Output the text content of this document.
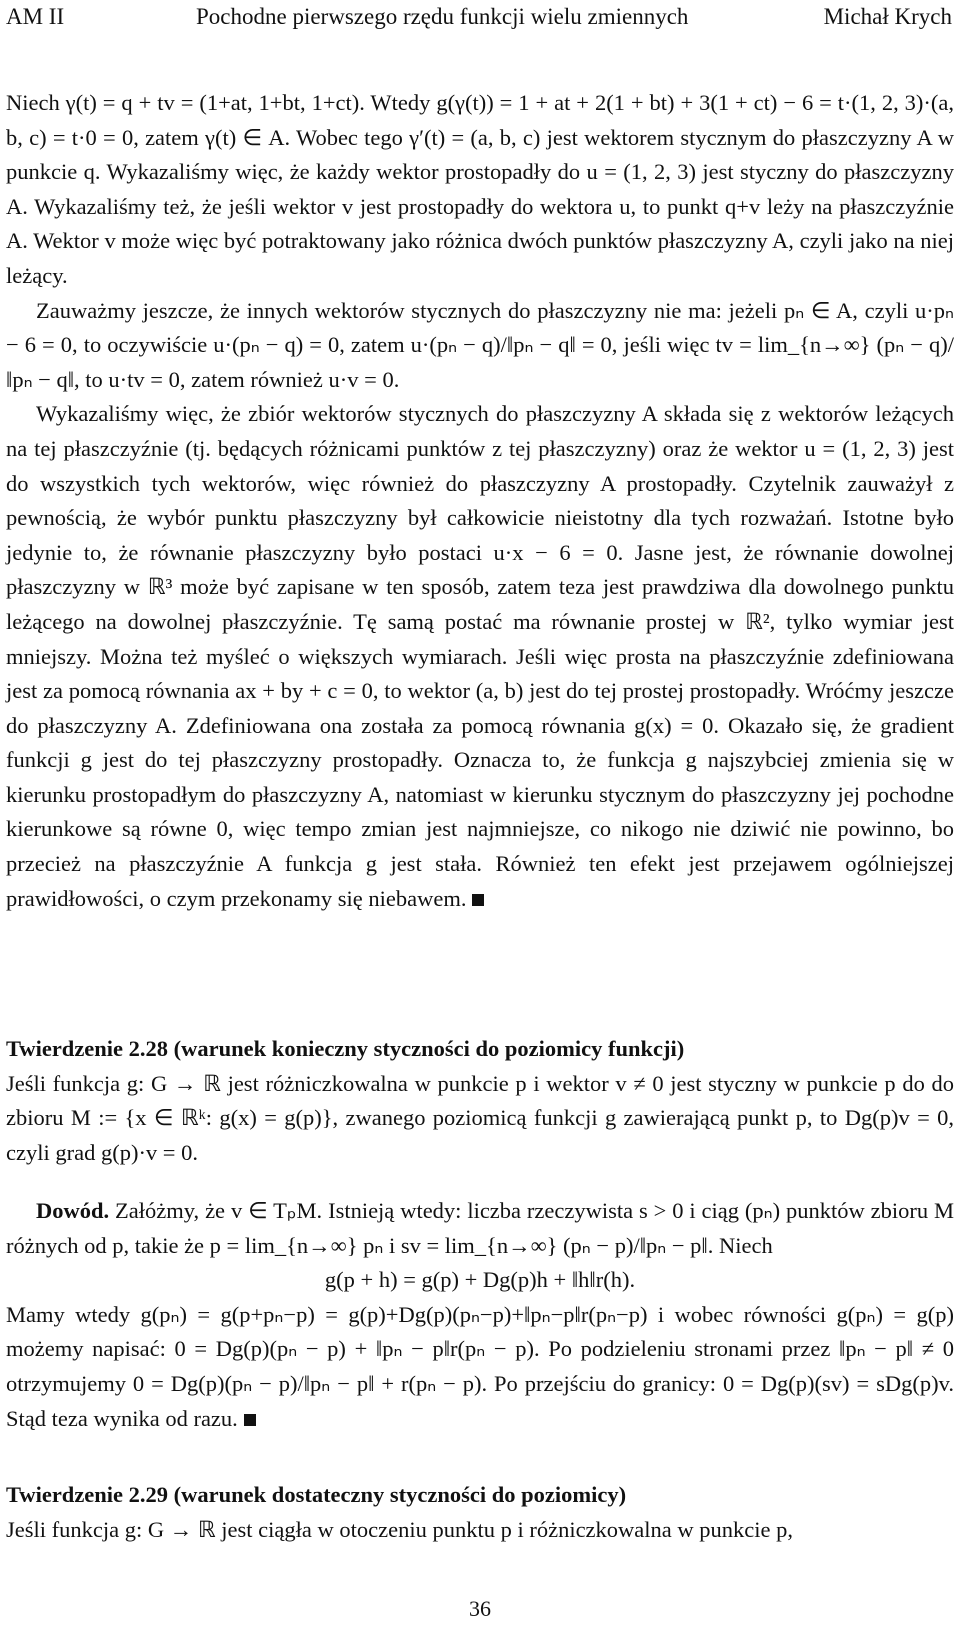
AM II	Pochodne pierwszego rzędu funkcji wielu zmiennych	Michał Krych

Niech γ(t) = q + tv = (1+at, 1+bt, 1+ct). Wtedy g(γ(t)) = 1 + at + 2(1 + bt) + 3(1 + ct) − 6 = t·(1, 2, 3)·(a, b, c) = t·0 = 0, zatem γ(t) ∈ A. Wobec tego γ′(t) = (a, b, c) jest wektorem stycznym do płaszczyzny A w punkcie q. Wykazaliśmy więc, że każdy wektor prostopadły do u = (1, 2, 3) jest styczny do płaszczyzny A. Wykazaliśmy też, że jeśli wektor v jest prostopadły do wektora u, to punkt q+v leży na płaszczyźnie A. Wektor v może więc być potraktowany jako różnica dwóch punktów płaszczyzny A, czyli jako na niej leżący.

Zauważmy jeszcze, że innych wektorów stycznych do płaszczyzny nie ma: jeżeli pₙ ∈ A, czyli u·pₙ − 6 = 0, to oczywiście u·(pₙ − q) = 0, zatem u·(pₙ − q)/‖pₙ − q‖ = 0, jeśli więc tv = lim_{n→∞} (pₙ − q)/‖pₙ − q‖, to u·tv = 0, zatem również u·v = 0.

Wykazaliśmy więc, że zbiór wektorów stycznych do płaszczyzny A składa się z wektorów leżących na tej płaszczyźnie (tj. będących różnicami punktów z tej płaszczyzny) oraz że wektor u = (1, 2, 3) jest do wszystkich tych wektorów, więc również do płaszczyzny A prostopadły. Czytelnik zauważył z pewnością, że wybór punktu płaszczyzny był całkowicie nieistotny dla tych rozważań. Istotne było jedynie to, że równanie płaszczyzny było postaci u·x − 6 = 0. Jasne jest, że równanie dowolnej płaszczyzny w ℝ³ może być zapisane w ten sposób, zatem teza jest prawdziwa dla dowolnego punktu leżącego na dowolnej płaszczyźnie. Tę samą postać ma równanie prostej w ℝ², tylko wymiar jest mniejszy. Można też myśleć o większych wymiarach. Jeśli więc prosta na płaszczyźnie zdefiniowana jest za pomocą równania ax + by + c = 0, to wektor (a, b) jest do tej prostej prostopadły. Wróćmy jeszcze do płaszczyzny A. Zdefiniowana ona została za pomocą równania g(x) = 0. Okazało się, że gradient funkcji g jest do tej płaszczyzny prostopadły. Oznacza to, że funkcja g najszybciej zmienia się w kierunku prostopadłym do płaszczyzny A, natomiast w kierunku stycznym do płaszczyzny jej pochodne kierunkowe są równe 0, więc tempo zmian jest najmniejsze, co nikogo nie dziwić nie powinno, bo przecież na płaszczyźnie A funkcja g jest stała. Również ten efekt jest przejawem ogólniejszej prawidłowości, o czym przekonamy się niebawem.

Twierdzenie 2.28 (warunek konieczny styczności do poziomicy funkcji)

Jeśli funkcja g: G → ℝ jest różniczkowalna w punkcie p i wektor v ≠ 0 jest styczny w punkcie p do do zbioru M := {x ∈ ℝᵏ: g(x) = g(p)}, zwanego poziomicą funkcji g zawierającą punkt p, to Dg(p)v = 0, czyli grad g(p)·v = 0.

Dowód. Załóżmy, że v ∈ TₚM. Istnieją wtedy: liczba rzeczywista s > 0 i ciąg (pₙ) punktów zbioru M różnych od p, takie że p = lim_{n→∞} pₙ i sv = lim_{n→∞} (pₙ − p)/‖pₙ − p‖. Niech

g(p + h) = g(p) + Dg(p)h + ‖h‖r(h).

Mamy wtedy g(pₙ) = g(p+pₙ−p) = g(p)+Dg(p)(pₙ−p)+‖pₙ−p‖r(pₙ−p) i wobec równości g(pₙ) = g(p) możemy napisać: 0 = Dg(p)(pₙ − p) + ‖pₙ − p‖r(pₙ − p). Po podzieleniu stronami przez ‖pₙ − p‖ ≠ 0 otrzymujemy 0 = Dg(p)(pₙ − p)/‖pₙ − p‖ + r(pₙ − p). Po przejściu do granicy: 0 = Dg(p)(sv) = sDg(p)v. Stąd teza wynika od razu.

Twierdzenie 2.29 (warunek dostateczny styczności do poziomicy)

Jeśli funkcja g: G → ℝ jest ciągła w otoczeniu punktu p i różniczkowalna w punkcie p,

36
